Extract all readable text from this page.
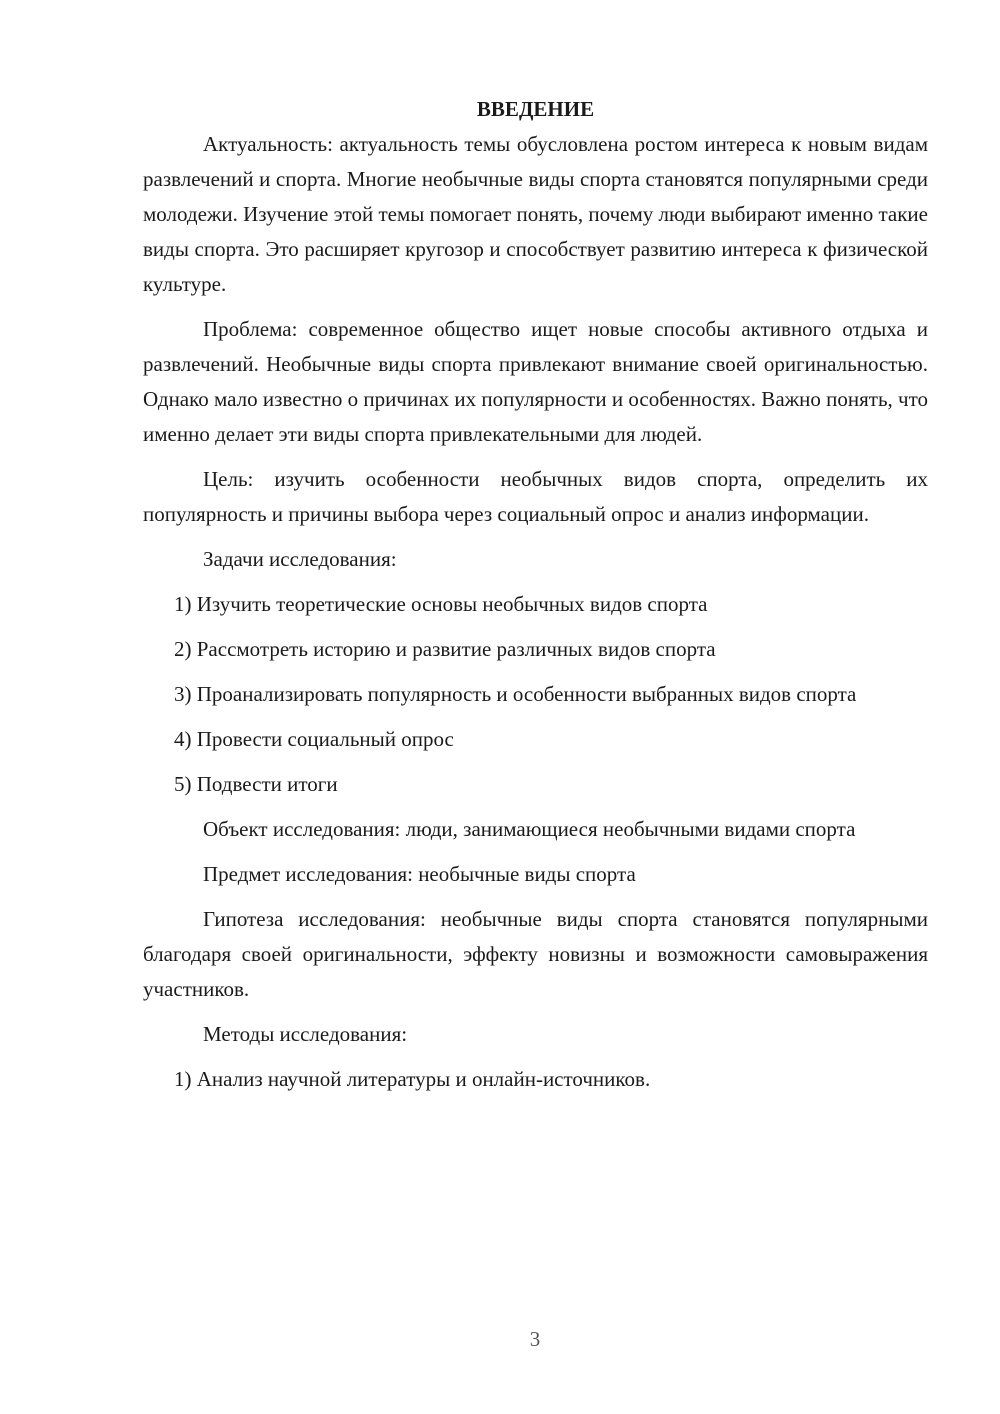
ВВЕДЕНИЕ

Актуальность: актуальность темы обусловлена ростом интереса к новым видам развлечений и спорта. Многие необычные виды спорта становятся популярными среди молодежи. Изучение этой темы помогает понять, почему люди выбирают именно такие виды спорта. Это расширяет кругозор и способствует развитию интереса к физической культуре.

Проблема: современное общество ищет новые способы активного отдыха и развлечений. Необычные виды спорта привлекают внимание своей оригинальностью. Однако мало известно о причинах их популярности и особенностях. Важно понять, что именно делает эти виды спорта привлекательными для людей.

Цель: изучить особенности необычных видов спорта, определить их популярность и причины выбора через социальный опрос и анализ информации.

Задачи исследования:

1) Изучить теоретические основы необычных видов спорта

2) Рассмотреть историю и развитие различных видов спорта

3) Проанализировать популярность и особенности выбранных видов спорта

4) Провести социальный опрос

5) Подвести итоги

Объект исследования: люди, занимающиеся необычными видами спорта

Предмет исследования: необычные виды спорта

Гипотеза исследования: необычные виды спорта становятся популярными благодаря своей оригинальности, эффекту новизны и возможности самовыражения участников.

Методы исследования:

1) Анализ научной литературы и онлайн-источников.

3
